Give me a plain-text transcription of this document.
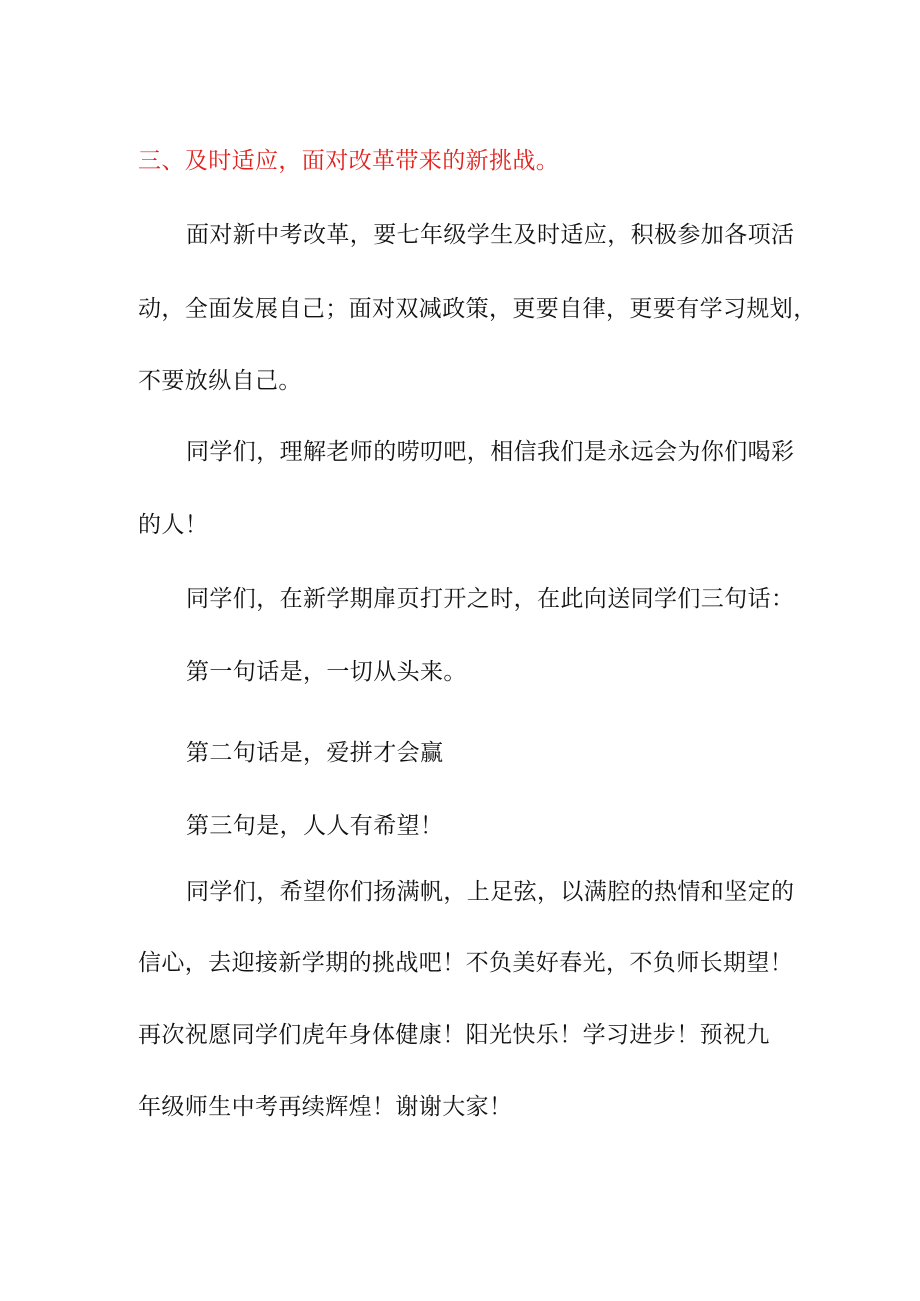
三、及时适应，面对改革带来的新挑战。
面对新中考改革，要七年级学生及时适应，积极参加各项活
动，全面发展自己；面对双减政策，更要自律，更要有学习规划，
不要放纵自己。
同学们，理解老师的唠叨吧，相信我们是永远会为你们喝彩
的人！
同学们，在新学期扉页打开之时，在此向送同学们三句话：
第一句话是，一切从头来。
第二句话是，爱拼才会赢
第三句是，人人有希望！
同学们，希望你们扬满帆，上足弦，以满腔的热情和坚定的
信心，去迎接新学期的挑战吧！不负美好春光，不负师长期望！
再次祝愿同学们虎年身体健康！阳光快乐！学习进步！预祝九
年级师生中考再续辉煌！谢谢大家！
